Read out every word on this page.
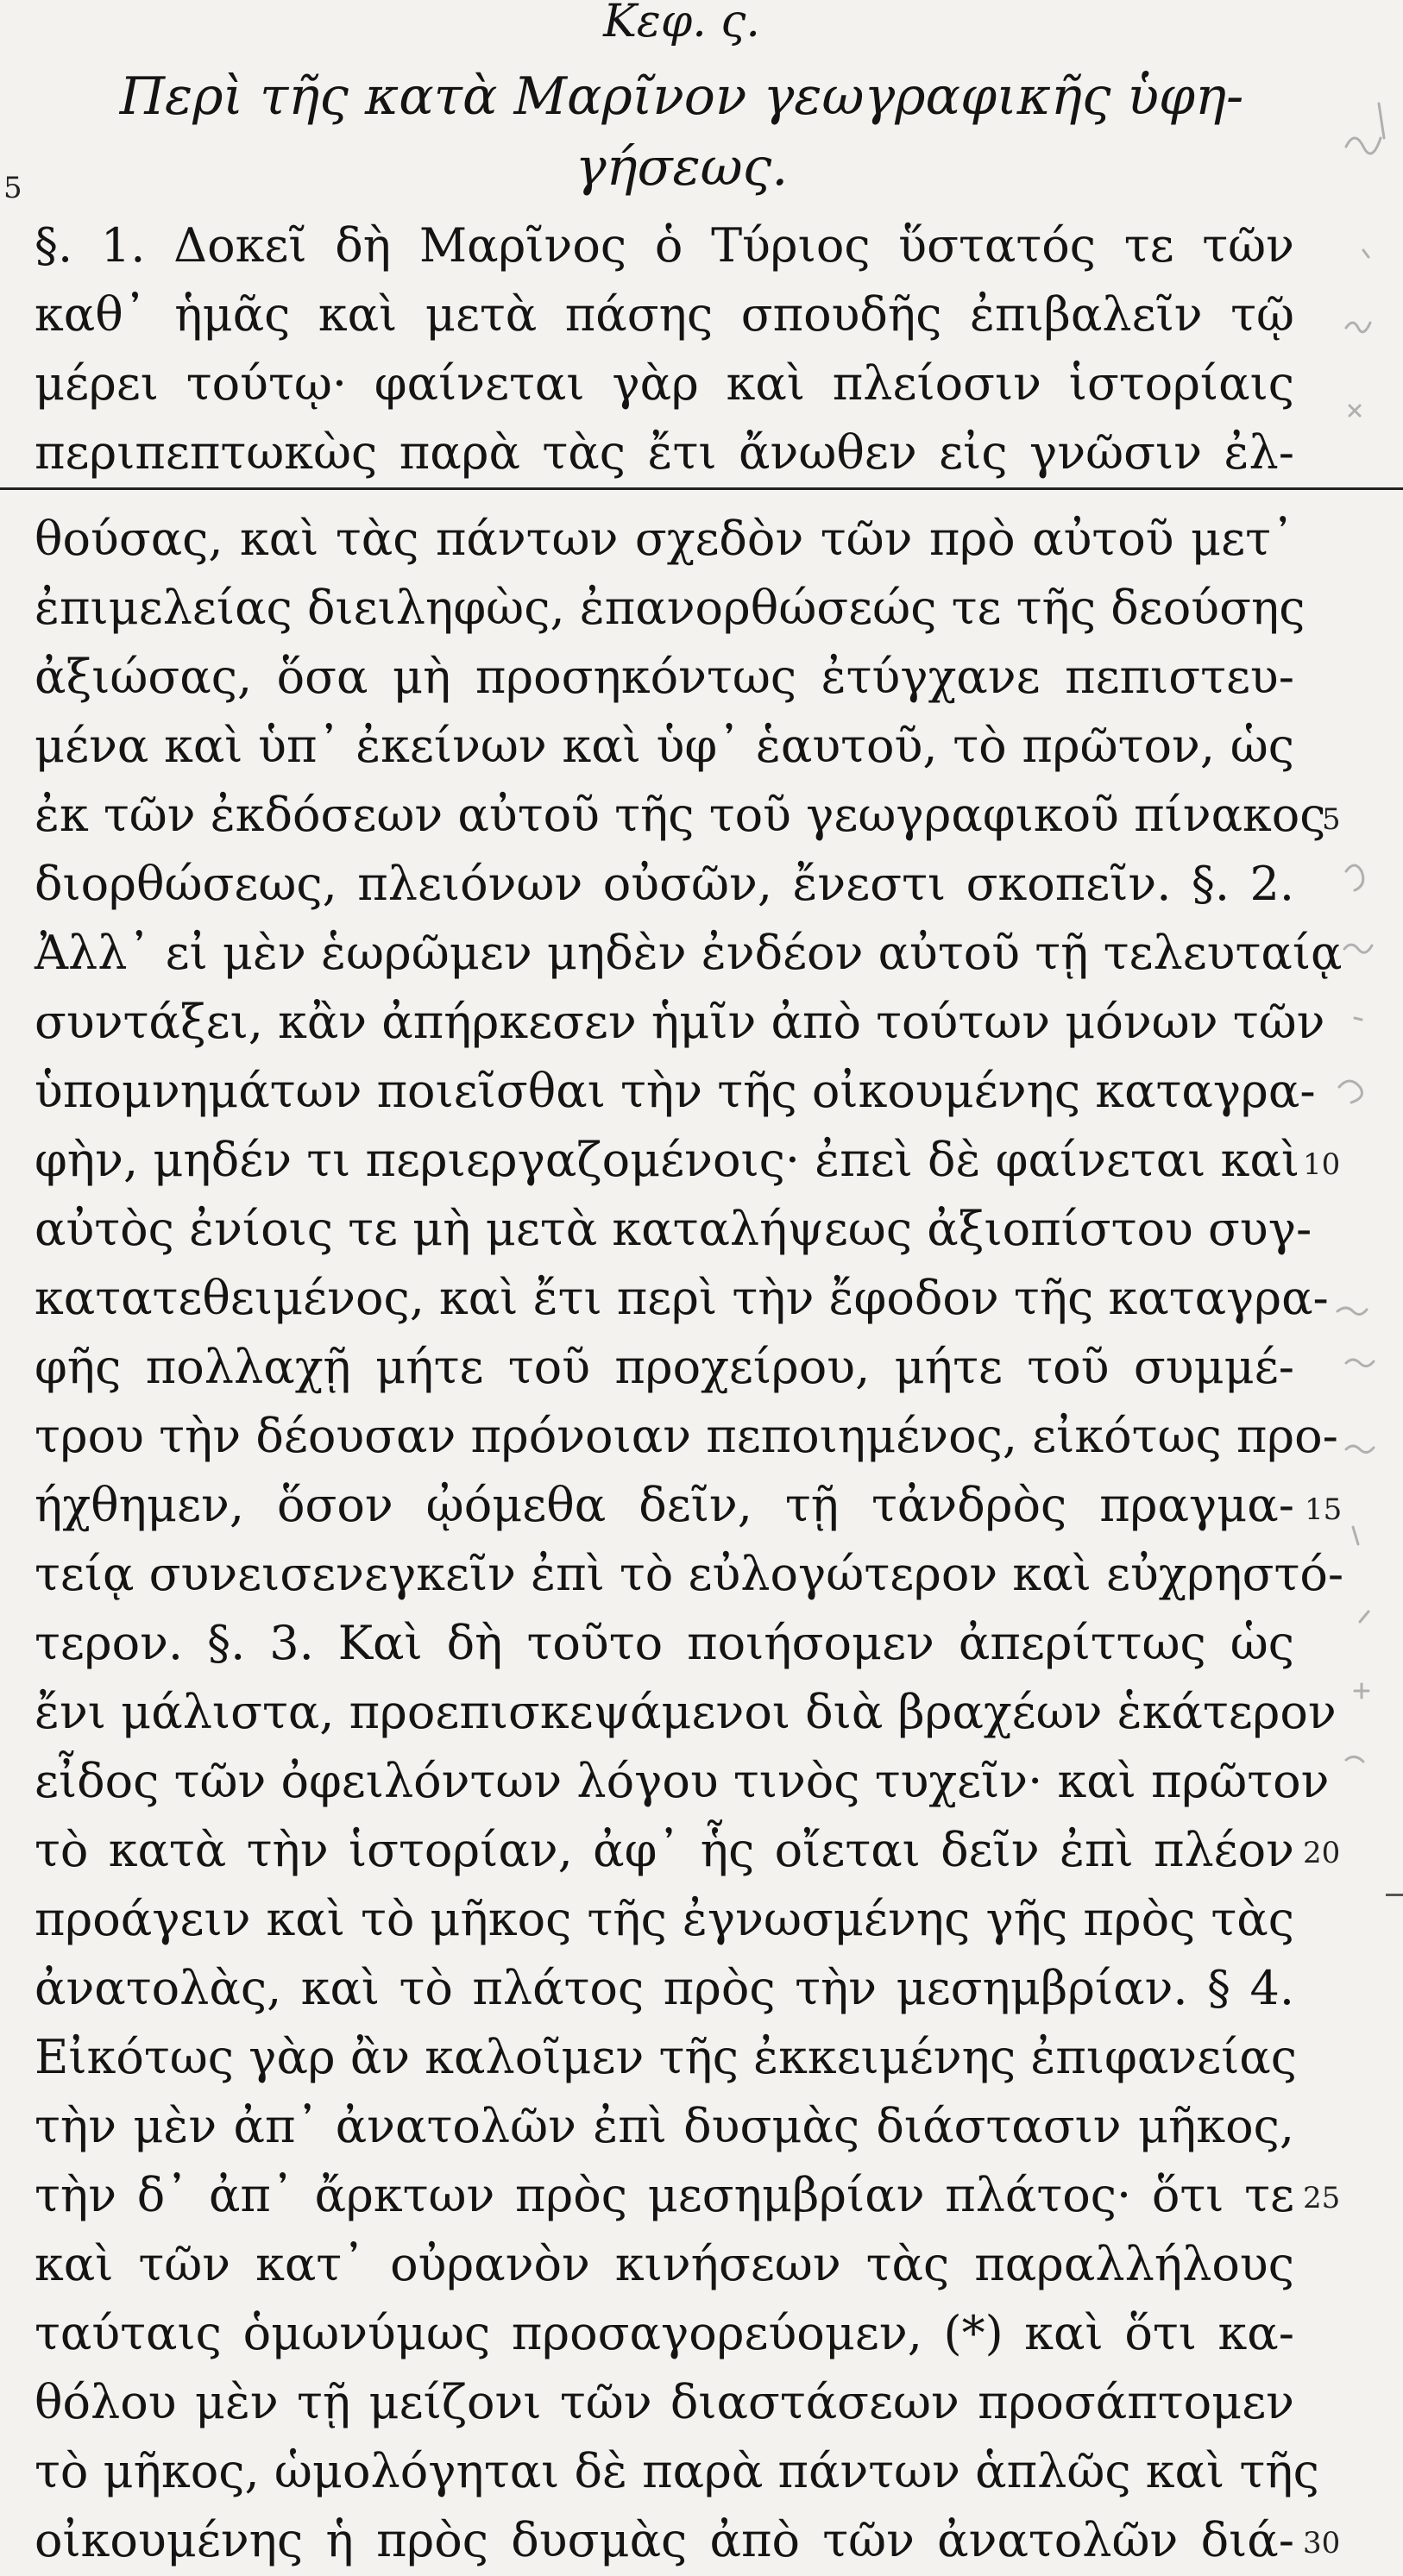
Κεφ. ς.
Περὶ τῆς κατὰ Μαρῖνον γεωγραφικῆς ὑφη-
γήσεως.
5
§. 1. Δοκεῖ δὴ Μαρῖνος ὁ Τύριος ὕστατός τε τῶν
καθ᾽ ἡμᾶς καὶ μετὰ πάσης σπουδῆς ἐπιβαλεῖν τῷ
μέρει τούτῳ· φαίνεται γὰρ καὶ πλείοσιν ἱστορίαις
περιπεπτωκὼς παρὰ τὰς ἔτι ἄνωθεν εἰς γνῶσιν ἐλ-
θούσας, καὶ τὰς πάντων σχεδὸν τῶν πρὸ αὐτοῦ μετ᾽
ἐπιμελείας διειληφὼς, ἐπανορθώσεώς τε τῆς δεούσης
ἀξιώσας, ὅσα μὴ προσηκόντως ἐτύγχανε πεπιστευ-
μένα καὶ ὑπ᾽ ἐκείνων καὶ ὑφ᾽ ἑαυτοῦ, τὸ πρῶτον, ὡς
ἐκ τῶν ἐκδόσεων αὐτοῦ τῆς τοῦ γεωγραφικοῦ πίνακος
διορθώσεως, πλειόνων οὐσῶν, ἔνεστι σκοπεῖν. §. 2.
Ἀλλ᾽ εἰ μὲν ἑωρῶμεν μηδὲν ἐνδέον αὐτοῦ τῇ τελευταίᾳ
συντάξει, κἂν ἀπήρκεσεν ἡμῖν ἀπὸ τούτων μόνων τῶν
ὑπομνημάτων ποιεῖσθαι τὴν τῆς οἰκουμένης καταγρα-
φὴν, μηδέν τι περιεργαζομένοις· ἐπεὶ δὲ φαίνεται καὶ
αὐτὸς ἐνίοις τε μὴ μετὰ καταλήψεως ἀξιοπίστου συγ-
κατατεθειμένος, καὶ ἔτι περὶ τὴν ἔφοδον τῆς καταγρα-
φῆς πολλαχῇ μήτε τοῦ προχείρου, μήτε τοῦ συμμέ-
τρου τὴν δέουσαν πρόνοιαν πεποιημένος, εἰκότως προ-
ήχθημεν, ὅσον ᾠόμεθα δεῖν, τῇ τἀνδρὸς πραγμα-
τείᾳ συνεισενεγκεῖν ἐπὶ τὸ εὐλογώτερον καὶ εὐχρηστό-
τερον. §. 3. Καὶ δὴ τοῦτο ποιήσομεν ἀπερίττως ὡς
ἔνι μάλιστα, προεπισκεψάμενοι διὰ βραχέων ἑκάτερον
εἶδος τῶν ὀφειλόντων λόγου τινὸς τυχεῖν· καὶ πρῶτον
τὸ κατὰ τὴν ἱστορίαν, ἀφ᾽ ἧς οἴεται δεῖν ἐπὶ πλέον
προάγειν καὶ τὸ μῆκος τῆς ἐγνωσμένης γῆς πρὸς τὰς
ἀνατολὰς, καὶ τὸ πλάτος πρὸς τὴν μεσημβρίαν. § 4.
Εἰκότως γὰρ ἂν καλοῖμεν τῆς ἐκκειμένης ἐπιφανείας
τὴν μὲν ἀπ᾽ ἀνατολῶν ἐπὶ δυσμὰς διάστασιν μῆκος,
τὴν δ᾽ ἀπ᾽ ἄρκτων πρὸς μεσημβρίαν πλάτος· ὅτι τε
καὶ τῶν κατ᾽ οὐρανὸν κινήσεων τὰς παραλλήλους
ταύταις ὁμωνύμως προσαγορεύομεν, (*) καὶ ὅτι κα-
θόλου μὲν τῇ μείζονι τῶν διαστάσεων προσάπτομεν
τὸ μῆκος, ὡμολόγηται δὲ παρὰ πάντων ἁπλῶς καὶ τῆς
οἰκουμένης ἡ πρὸς δυσμὰς ἀπὸ τῶν ἀνατολῶν διά-
5
10
15
20
25
30
